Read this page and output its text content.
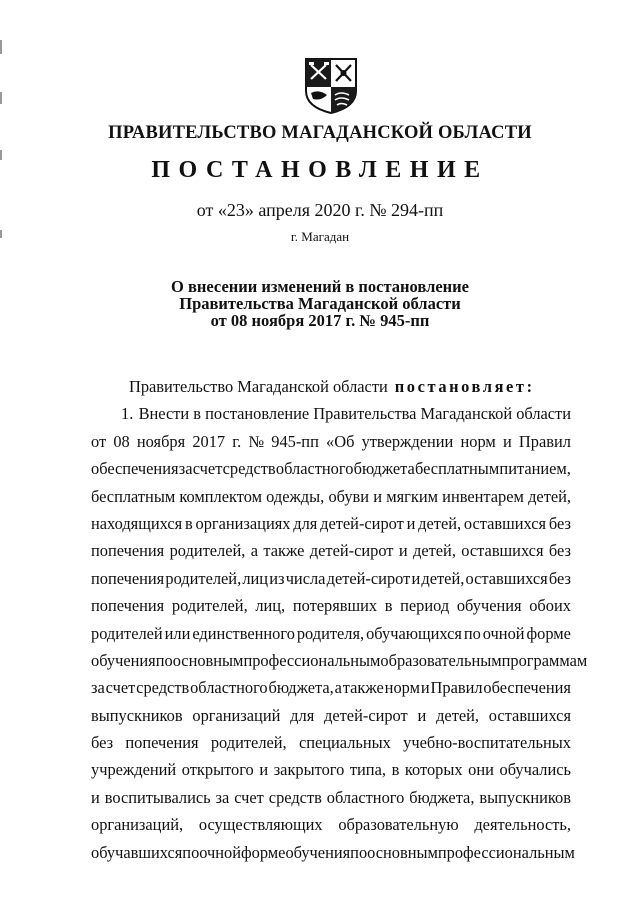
ПРАВИТЕЛЬСТВО МАГАДАНСКОЙ ОБЛАСТИ
ПОСТАНОВЛЕНИЕ
от «23» апреля 2020 г. № 294-пп
г. Магадан
О внесении изменений в постановление
Правительства Магаданской области
от 08 ноября 2017 г. № 945-пп
Правительство Магаданской области постановляет:
1. Внести в постановление Правительства Магаданской области
от 08 ноября 2017 г. № 945-пп «Об утверждении норм и Правил
обеспечения за счет средств областного бюджета бесплатным питанием,
бесплатным комплектом одежды, обуви и мягким инвентарем детей,
находящихся в организациях для детей-сирот и детей, оставшихся без
попечения родителей, а также детей-сирот и детей, оставшихся без
попечения родителей, лиц из числа детей-сирот и детей, оставшихся без
попечения родителей, лиц, потерявших в период обучения обоих
родителей или единственного родителя, обучающихся по очной форме
обучения по основным профессиональным образовательным программам
за счет средств областного бюджета, а также норм и Правил обеспечения
выпускников организаций для детей-сирот и детей, оставшихся
без попечения родителей, специальных учебно-воспитательных
учреждений открытого и закрытого типа, в которых они обучались
и воспитывались за счет средств областного бюджета, выпускников
организаций, осуществляющих образовательную деятельность,
обучавшихся по очной форме обучения по основным профессиональным
